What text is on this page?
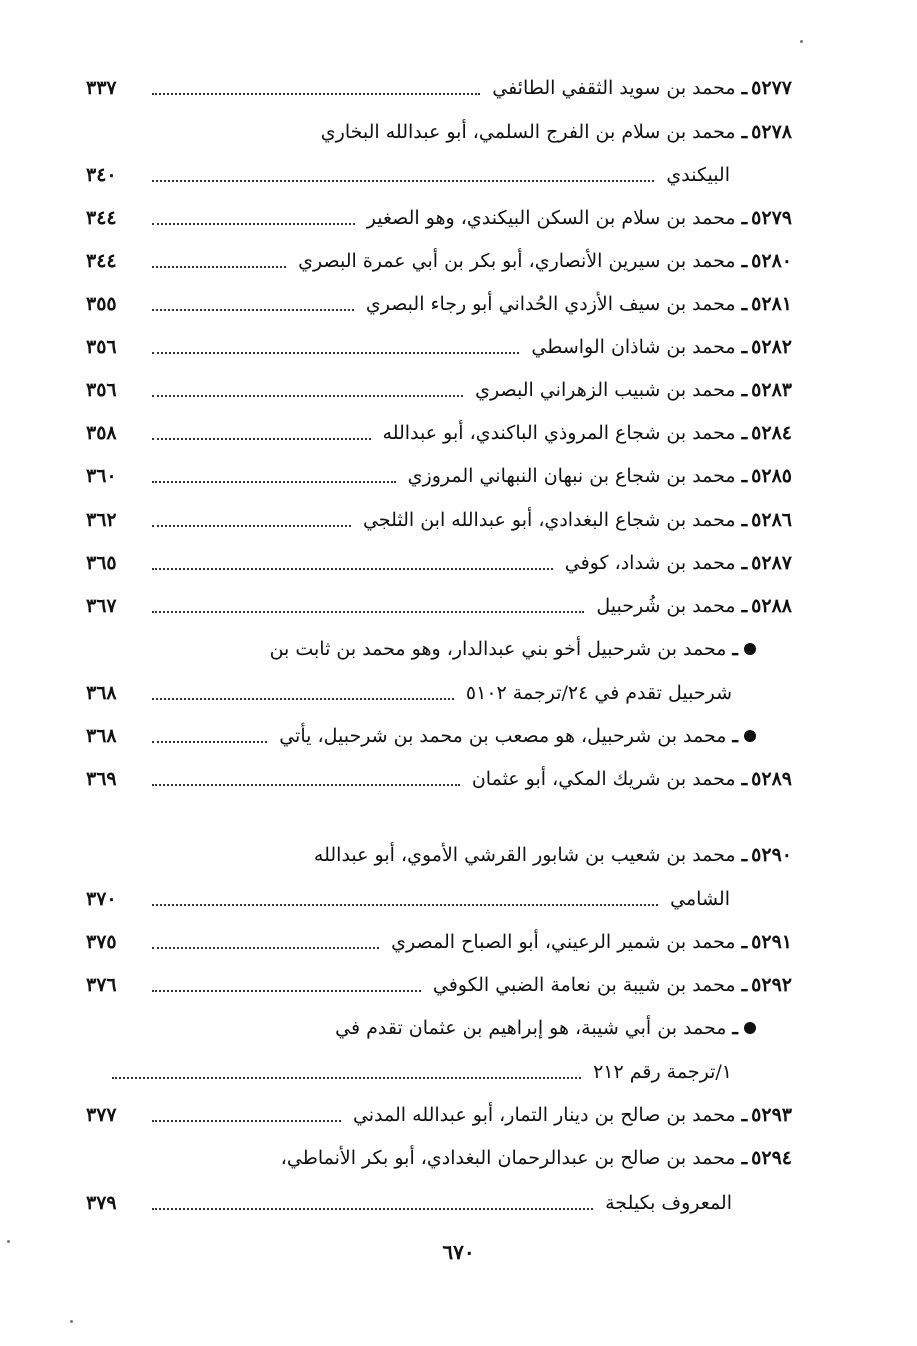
٥٢٧٧
ـ
محمد بن سويد الثقفي الطائفي
٣٣٧
٥٢٧٨
ـ
محمد بن سلام بن الفرج السلمي، أبو عبدالله البخاري
البيكندي
٣٤٠
٥٢٧٩
ـ
محمد بن سلام بن السكن البيكندي، وهو الصغير
٣٤٤
٥٢٨٠
ـ
محمد بن سيرين الأنصاري، أبو بكر بن أبي عمرة البصري
٣٤٤
٥٢٨١
ـ
محمد بن سيف الأزدي الحُداني أبو رجاء البصري
٣٥٥
٥٢٨٢
ـ
محمد بن شاذان الواسطي
٣٥٦
٥٢٨٣
ـ
محمد بن شبيب الزهراني البصري
٣٥٦
٥٢٨٤
ـ
محمد بن شجاع المروذي الباكندي، أبو عبدالله
٣٥٨
٥٢٨٥
ـ
محمد بن شجاع بن نبهان النبهاني المروزي
٣٦٠
٥٢٨٦
ـ
محمد بن شجاع البغدادي، أبو عبدالله ابن الثلجي
٣٦٢
٥٢٨٧
ـ
محمد بن شداد، كوفي
٣٦٥
٥٢٨٨
ـ
محمد بن شُرحبيل
٣٦٧
ـ
محمد بن شرحبيل أخو بني عبدالدار، وهو محمد بن ثابت بن
شرحبيل تقدم في ٢٤/ترجمة ٥١٠٢
٣٦٨
ـ
محمد بن شرحبيل، هو مصعب بن محمد بن شرحبيل، يأتي
٣٦٨
٥٢٨٩
ـ
محمد بن شريك المكي، أبو عثمان
٣٦٩
٥٢٩٠
ـ
محمد بن شعيب بن شابور القرشي الأموي، أبو عبدالله
الشامي
٣٧٠
٥٢٩١
ـ
محمد بن شمير الرعيني، أبو الصباح المصري
٣٧٥
٥٢٩٢
ـ
محمد بن شيبة بن نعامة الضبي الكوفي
٣٧٦
ـ
محمد بن أبي شيبة، هو إبراهيم بن عثمان تقدم في
١/ترجمة رقم ٢١٢
٥٢٩٣
ـ
محمد بن صالح بن دينار التمار، أبو عبدالله المدني
٣٧٧
٥٢٩٤
ـ
محمد بن صالح بن عبدالرحمان البغدادي، أبو بكر الأنماطي،
المعروف بكيلجة
٣٧٩
٦٧٠
